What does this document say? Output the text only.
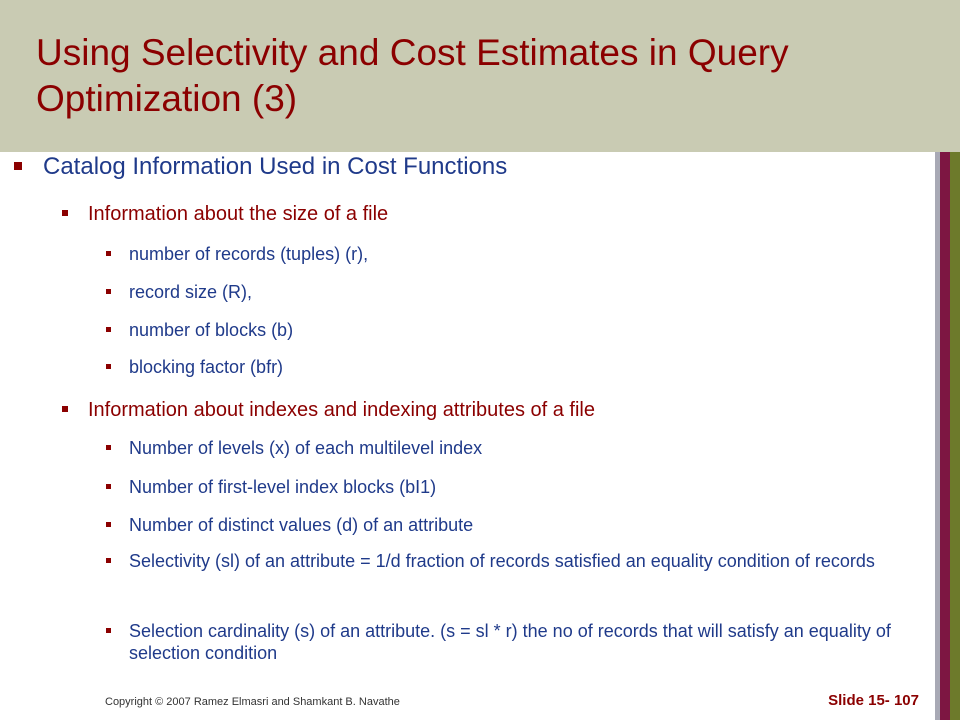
Using Selectivity and Cost Estimates in Query Optimization (3)
Catalog Information Used in Cost Functions
Information about the size of a file
number of records (tuples) (r),
record size (R),
number of blocks (b)
blocking factor (bfr)
Information about indexes and indexing attributes of a file
Number of levels (x) of each multilevel index
Number of first-level index blocks (bI1)
Number of distinct values (d) of an attribute
Selectivity (sl) of an attribute = 1/d fraction of records satisfied an equality condition of records
Selection cardinality (s) of an attribute. (s = sl * r) the no of records that will satisfy an equality of selection condition
Copyright © 2007 Ramez Elmasri and Shamkant B. Navathe	Slide 15- 107
